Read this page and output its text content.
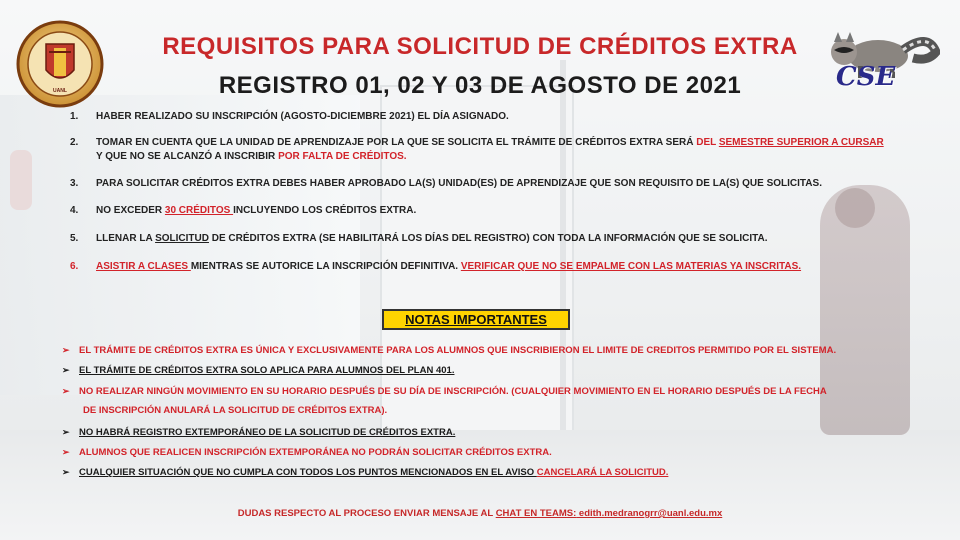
UANL	CSE
REQUISITOS PARA SOLICITUD DE CRÉDITOS EXTRA
REGISTRO 01, 02 Y 03 DE AGOSTO DE 2021
1.	HABER REALIZADO SU INSCRIPCIÓN (AGOSTO-DICIEMBRE 2021) EL DÍA ASIGNADO.
2.	TOMAR EN CUENTA QUE LA UNIDAD DE APRENDIZAJE POR LA QUE SE SOLICITA EL TRÁMITE DE CRÉDITOS EXTRA SERÁ DEL SEMESTRE SUPERIOR A CURSAR Y QUE NO SE ALCANZÓ A INSCRIBIR POR FALTA DE CRÉDITOS.
3.	PARA SOLICITAR CRÉDITOS EXTRA DEBES HABER APROBADO LA(S) UNIDAD(ES) DE APRENDIZAJE QUE SON REQUISITO DE LA(S) QUE SOLICITAS.
4.	NO EXCEDER 30 CRÉDITOS INCLUYENDO LOS CRÉDITOS EXTRA.
5.	LLENAR LA SOLICITUD DE CRÉDITOS EXTRA (SE HABILITARÁ LOS DÍAS DEL REGISTRO) CON TODA LA INFORMACIÓN QUE SE SOLICITA.
6.	ASISTIR A CLASES MIENTRAS SE AUTORICE LA INSCRIPCIÓN DEFINITIVA. VERIFICAR QUE NO SE EMPALME CON LAS MATERIAS YA INSCRITAS.
NOTAS IMPORTANTES
➢ EL TRÁMITE DE CRÉDITOS EXTRA ES ÚNICA Y EXCLUSIVAMENTE PARA LOS ALUMNOS QUE INSCRIBIERON EL LIMITE DE CREDITOS PERMITIDO POR EL SISTEMA.
➢ EL TRÁMITE DE CRÉDITOS EXTRA SOLO APLICA PARA ALUMNOS DEL PLAN 401.
➢ NO REALIZAR NINGÚN MOVIMIENTO EN SU HORARIO DESPUÉS DE SU DÍA DE INSCRIPCIÓN. (CUALQUIER MOVIMIENTO EN EL HORARIO DESPUÉS DE LA FECHA
DE INSCRIPCIÓN ANULARÁ LA SOLICITUD DE CRÉDITOS EXTRA).
➢ NO HABRÁ REGISTRO EXTEMPORÁNEO DE LA SOLICITUD DE CRÉDITOS EXTRA.
➢ ALUMNOS QUE REALICEN INSCRIPCIÓN EXTEMPORÁNEA NO PODRÁN SOLICITAR CRÉDITOS EXTRA.
➢ CUALQUIER SITUACIÓN QUE NO CUMPLA CON TODOS LOS PUNTOS MENCIONADOS EN EL AVISO CANCELARÁ LA SOLICITUD.
DUDAS RESPECTO AL PROCESO ENVIAR MENSAJE AL CHAT EN TEAMS: edith.medranogrr@uanl.edu.mx
